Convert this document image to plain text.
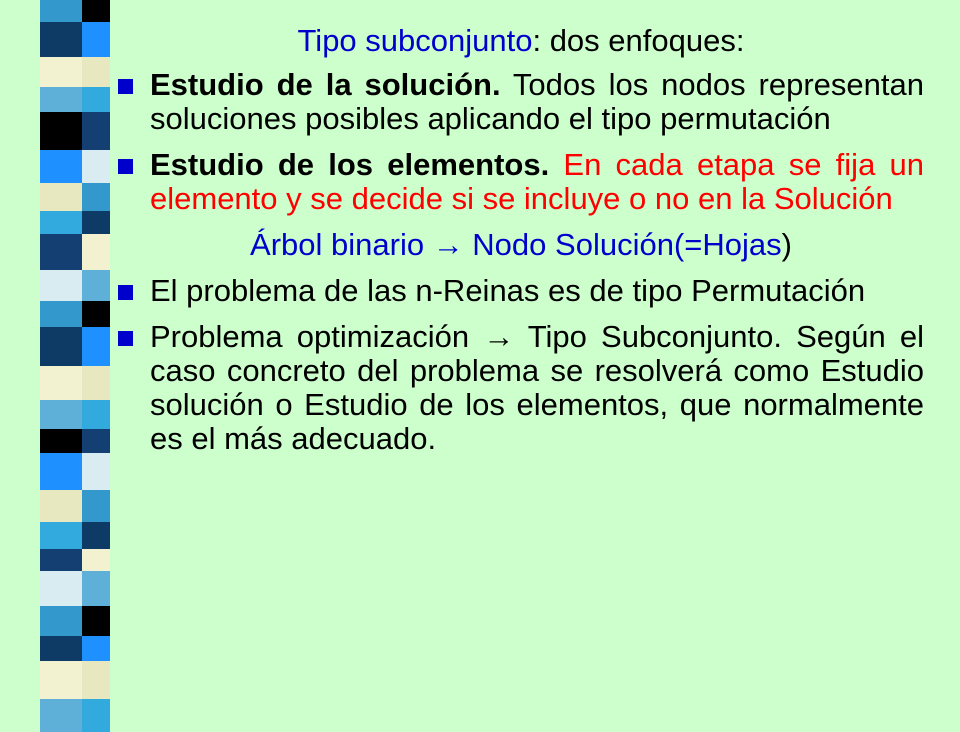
Tipo subconjunto: dos enfoques:
Estudio de la solución. Todos los nodos representan soluciones posibles aplicando el tipo permutación
Estudio de los elementos. En cada etapa se fija un elemento y se decide si se incluye o no en la Solución
Árbol binario → Nodo Solución(=Hojas)
El problema de las n-Reinas es de tipo Permutación
Problema optimización → Tipo Subconjunto. Según el caso concreto del problema se resolverá como Estudio solución o Estudio de los elementos, que normalmente es el más adecuado.
